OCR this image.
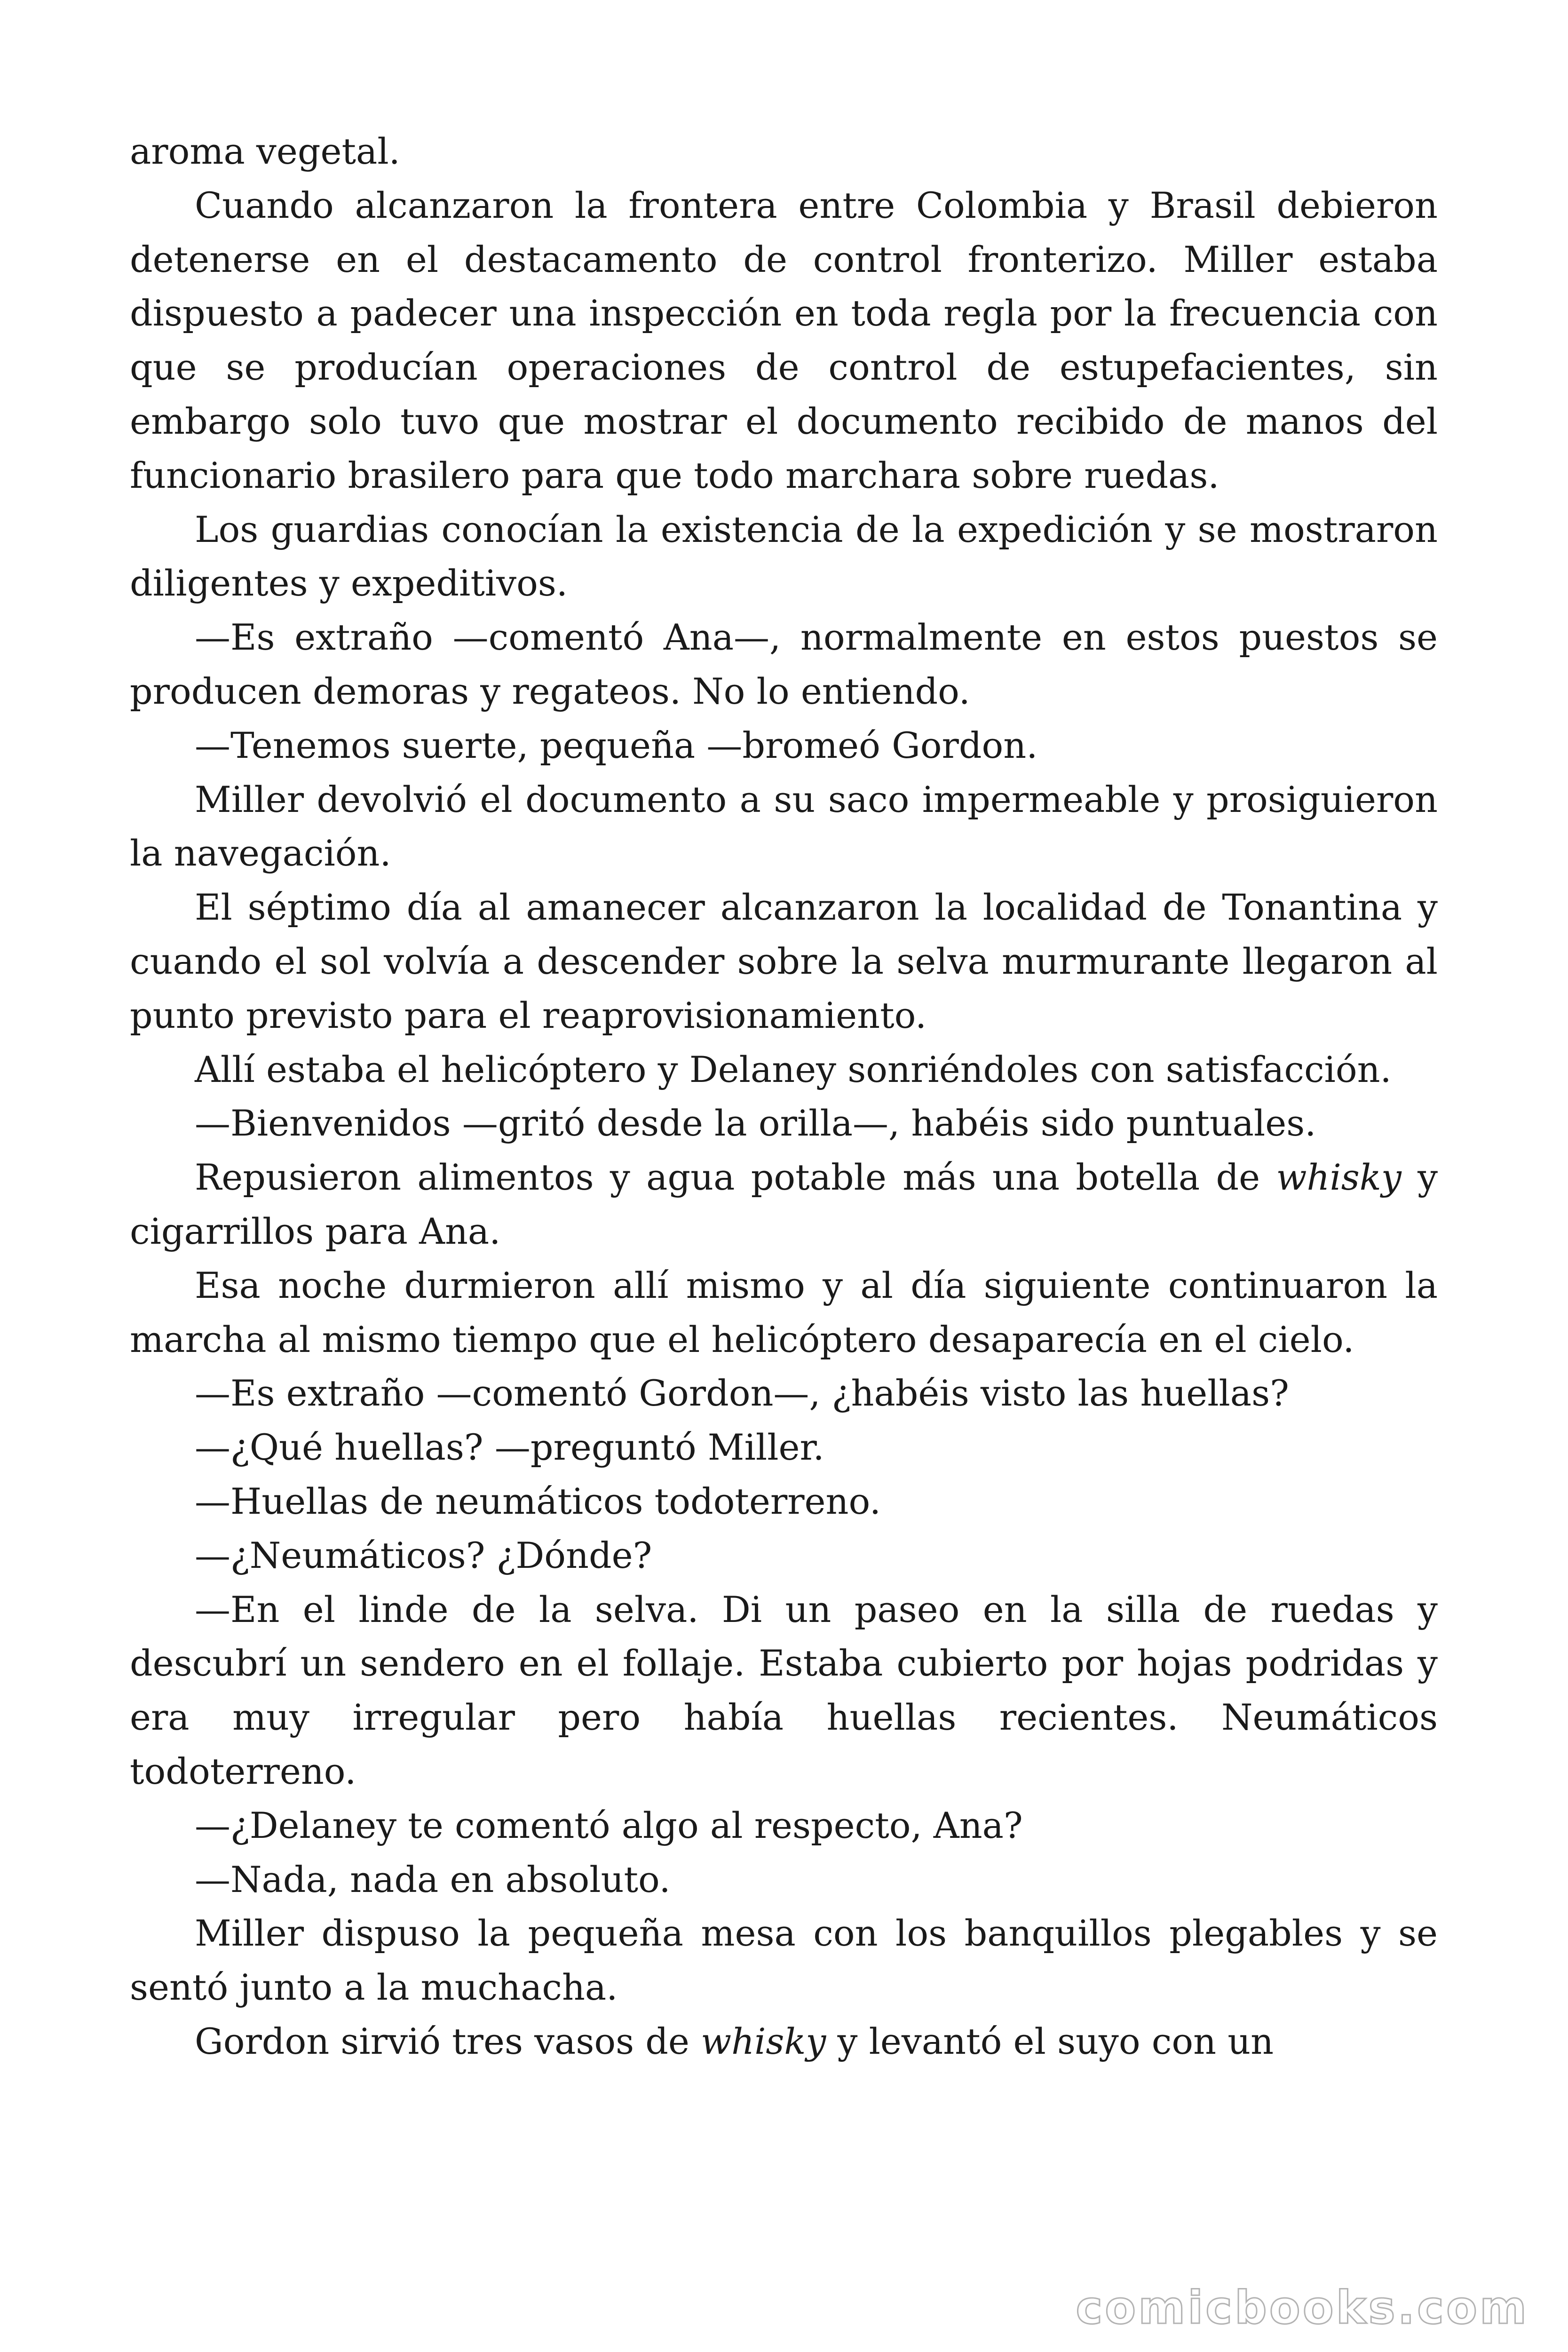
aroma vegetal.

Cuando alcanzaron la frontera entre Colombia y Brasil debieron detenerse en el destacamento de control fronterizo. Miller estaba dispuesto a padecer una inspección en toda regla por la frecuencia con que se producían operaciones de control de estupefacientes, sin embargo solo tuvo que mostrar el documento recibido de manos del funcionario brasilero para que todo marchara sobre ruedas.

Los guardias conocían la existencia de la expedición y se mostraron diligentes y expeditivos.

—Es extraño —comentó Ana—, normalmente en estos puestos se producen demoras y regateos. No lo entiendo.

—Tenemos suerte, pequeña —bromeó Gordon.

Miller devolvió el documento a su saco impermeable y prosiguieron la navegación.

El séptimo día al amanecer alcanzaron la localidad de Tonantina y cuando el sol volvía a descender sobre la selva murmurante llegaron al punto previsto para el reaprovisionamiento.

Allí estaba el helicóptero y Delaney sonriéndoles con satisfacción.

—Bienvenidos —gritó desde la orilla—, habéis sido puntuales.

Repusieron alimentos y agua potable más una botella de whisky y cigarrillos para Ana.

Esa noche durmieron allí mismo y al día siguiente continuaron la marcha al mismo tiempo que el helicóptero desaparecía en el cielo.

—Es extraño —comentó Gordon—, ¿habéis visto las huellas?

—¿Qué huellas? —preguntó Miller.

—Huellas de neumáticos todoterreno.

—¿Neumáticos? ¿Dónde?

—En el linde de la selva. Di un paseo en la silla de ruedas y descubrí un sendero en el follaje. Estaba cubierto por hojas podridas y era muy irregular pero había huellas recientes. Neumáticos todoterreno.

—¿Delaney te comentó algo al respecto, Ana?

—Nada, nada en absoluto.

Miller dispuso la pequeña mesa con los banquillos plegables y se sentó junto a la muchacha.

Gordon sirvió tres vasos de whisky y levantó el suyo con un

comicbooks.com
